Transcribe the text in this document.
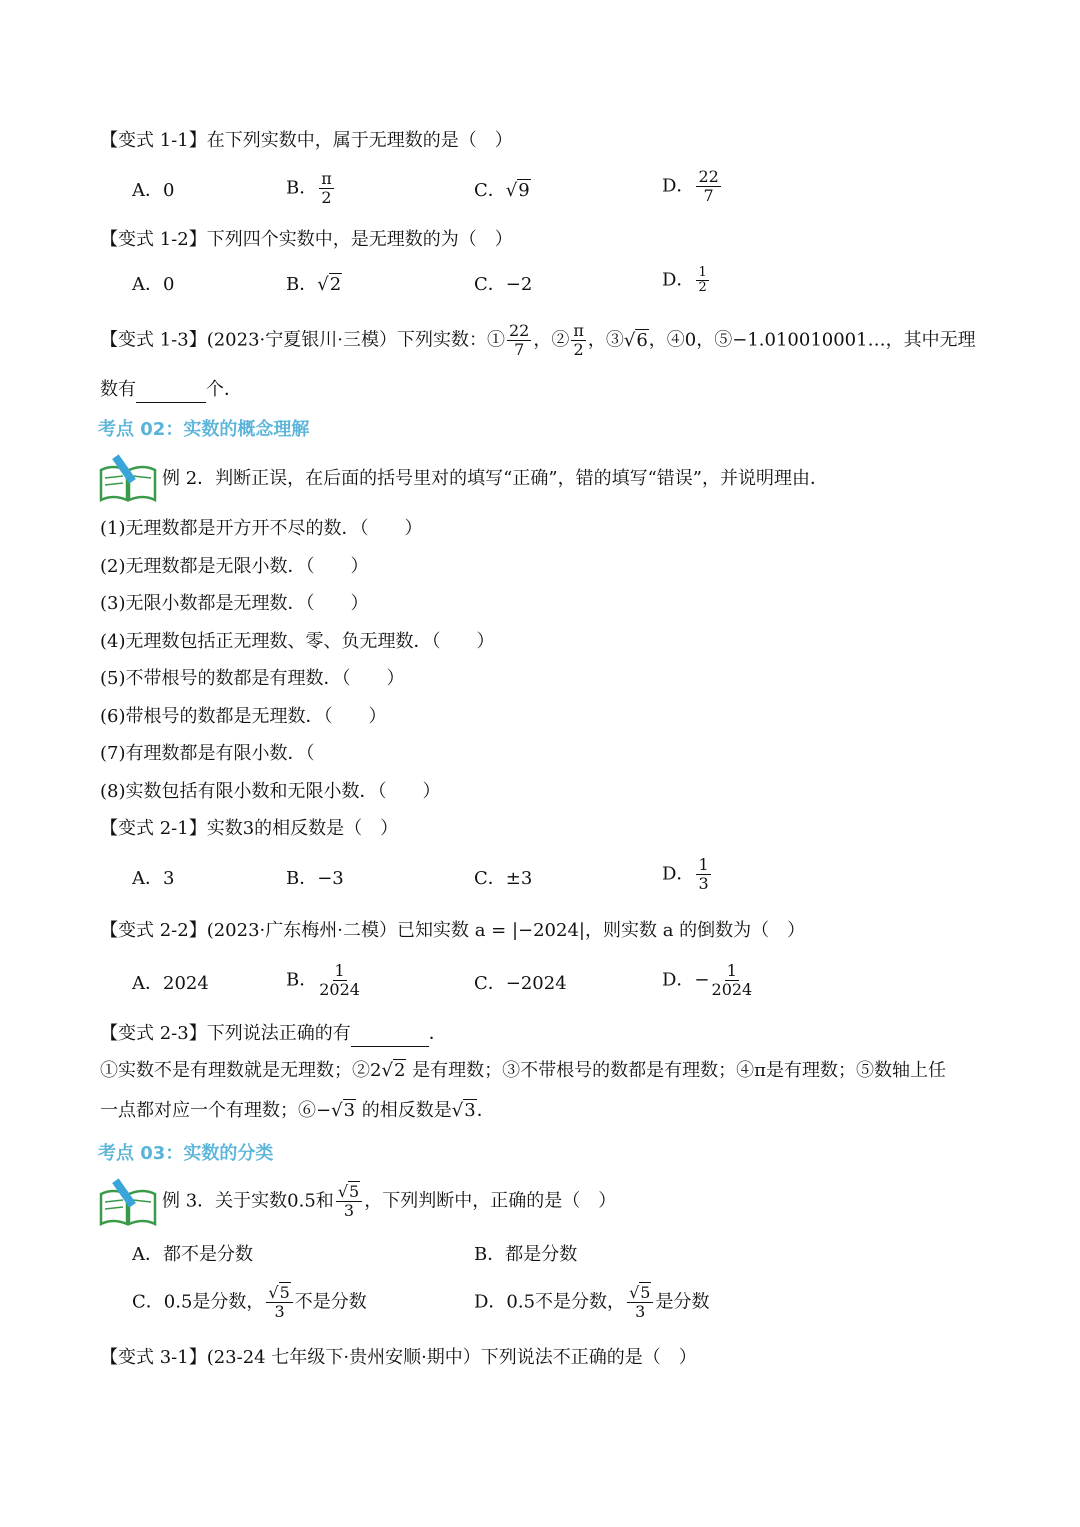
【变式 1-1】在下列实数中，属于无理数的是（　）
A．0	B． $\frac{\pi}{2}$	C．√9	D． $\frac{22}{7}$
【变式 1-2】下列四个实数中，是无理数的为（　）
A．0	B．√2	C．−2	D． $\frac{1}{2}$
【变式 1-3】(2023·宁夏银川·三模）下列实数：① $\frac{22}{7}$ ，② $\frac{\pi}{2}$ ，③√6，④0，⑤−1.010010001…，其中无理
数有	个．
考点 02：实数的概念理解
例 2．判断正误，在后面的括号里对的填写“正确”，错的填写“错误”，并说明理由．
(1)无理数都是开方开不尽的数．（　　）
(2)无理数都是无限小数．（　　）
(3)无限小数都是无理数．（　　）
(4)无理数包括正无理数、零、负无理数．（　　）
(5)不带根号的数都是有理数．（　　）
(6)带根号的数都是无理数．（　　）
(7)有理数都是有限小数．（
(8)实数包括有限小数和无限小数．（　　）
【变式 2-1】实数3的相反数是（　）
A．3	B．−3	C．±3	D． $\frac{1}{3}$
【变式 2-2】(2023·广东梅州·二模）已知实数 a = |−2024|，则实数 a 的倒数为（　）
A．2024	B． $\frac{1}{2024}$	C．−2024	D．− $\frac{1}{2024}$
【变式 2-3】下列说法正确的有	．
①实数不是有理数就是无理数；②2√2 是有理数；③不带根号的数都是有理数；④π是有理数；⑤数轴上任
一点都对应一个有理数；⑥−√3 的相反数是√3．
考点 03：实数的分类
例 3．关于实数0.5和 $\frac{√5}{3}$ ，下列判断中，正确的是（　）
A．都不是分数	B．都是分数
C．0.5是分数， $\frac{√5}{3}$ 不是分数	D．0.5不是分数， $\frac{√5}{3}$ 是分数
【变式 3-1】(23-24 七年级下·贵州安顺·期中）下列说法不正确的是（　）
